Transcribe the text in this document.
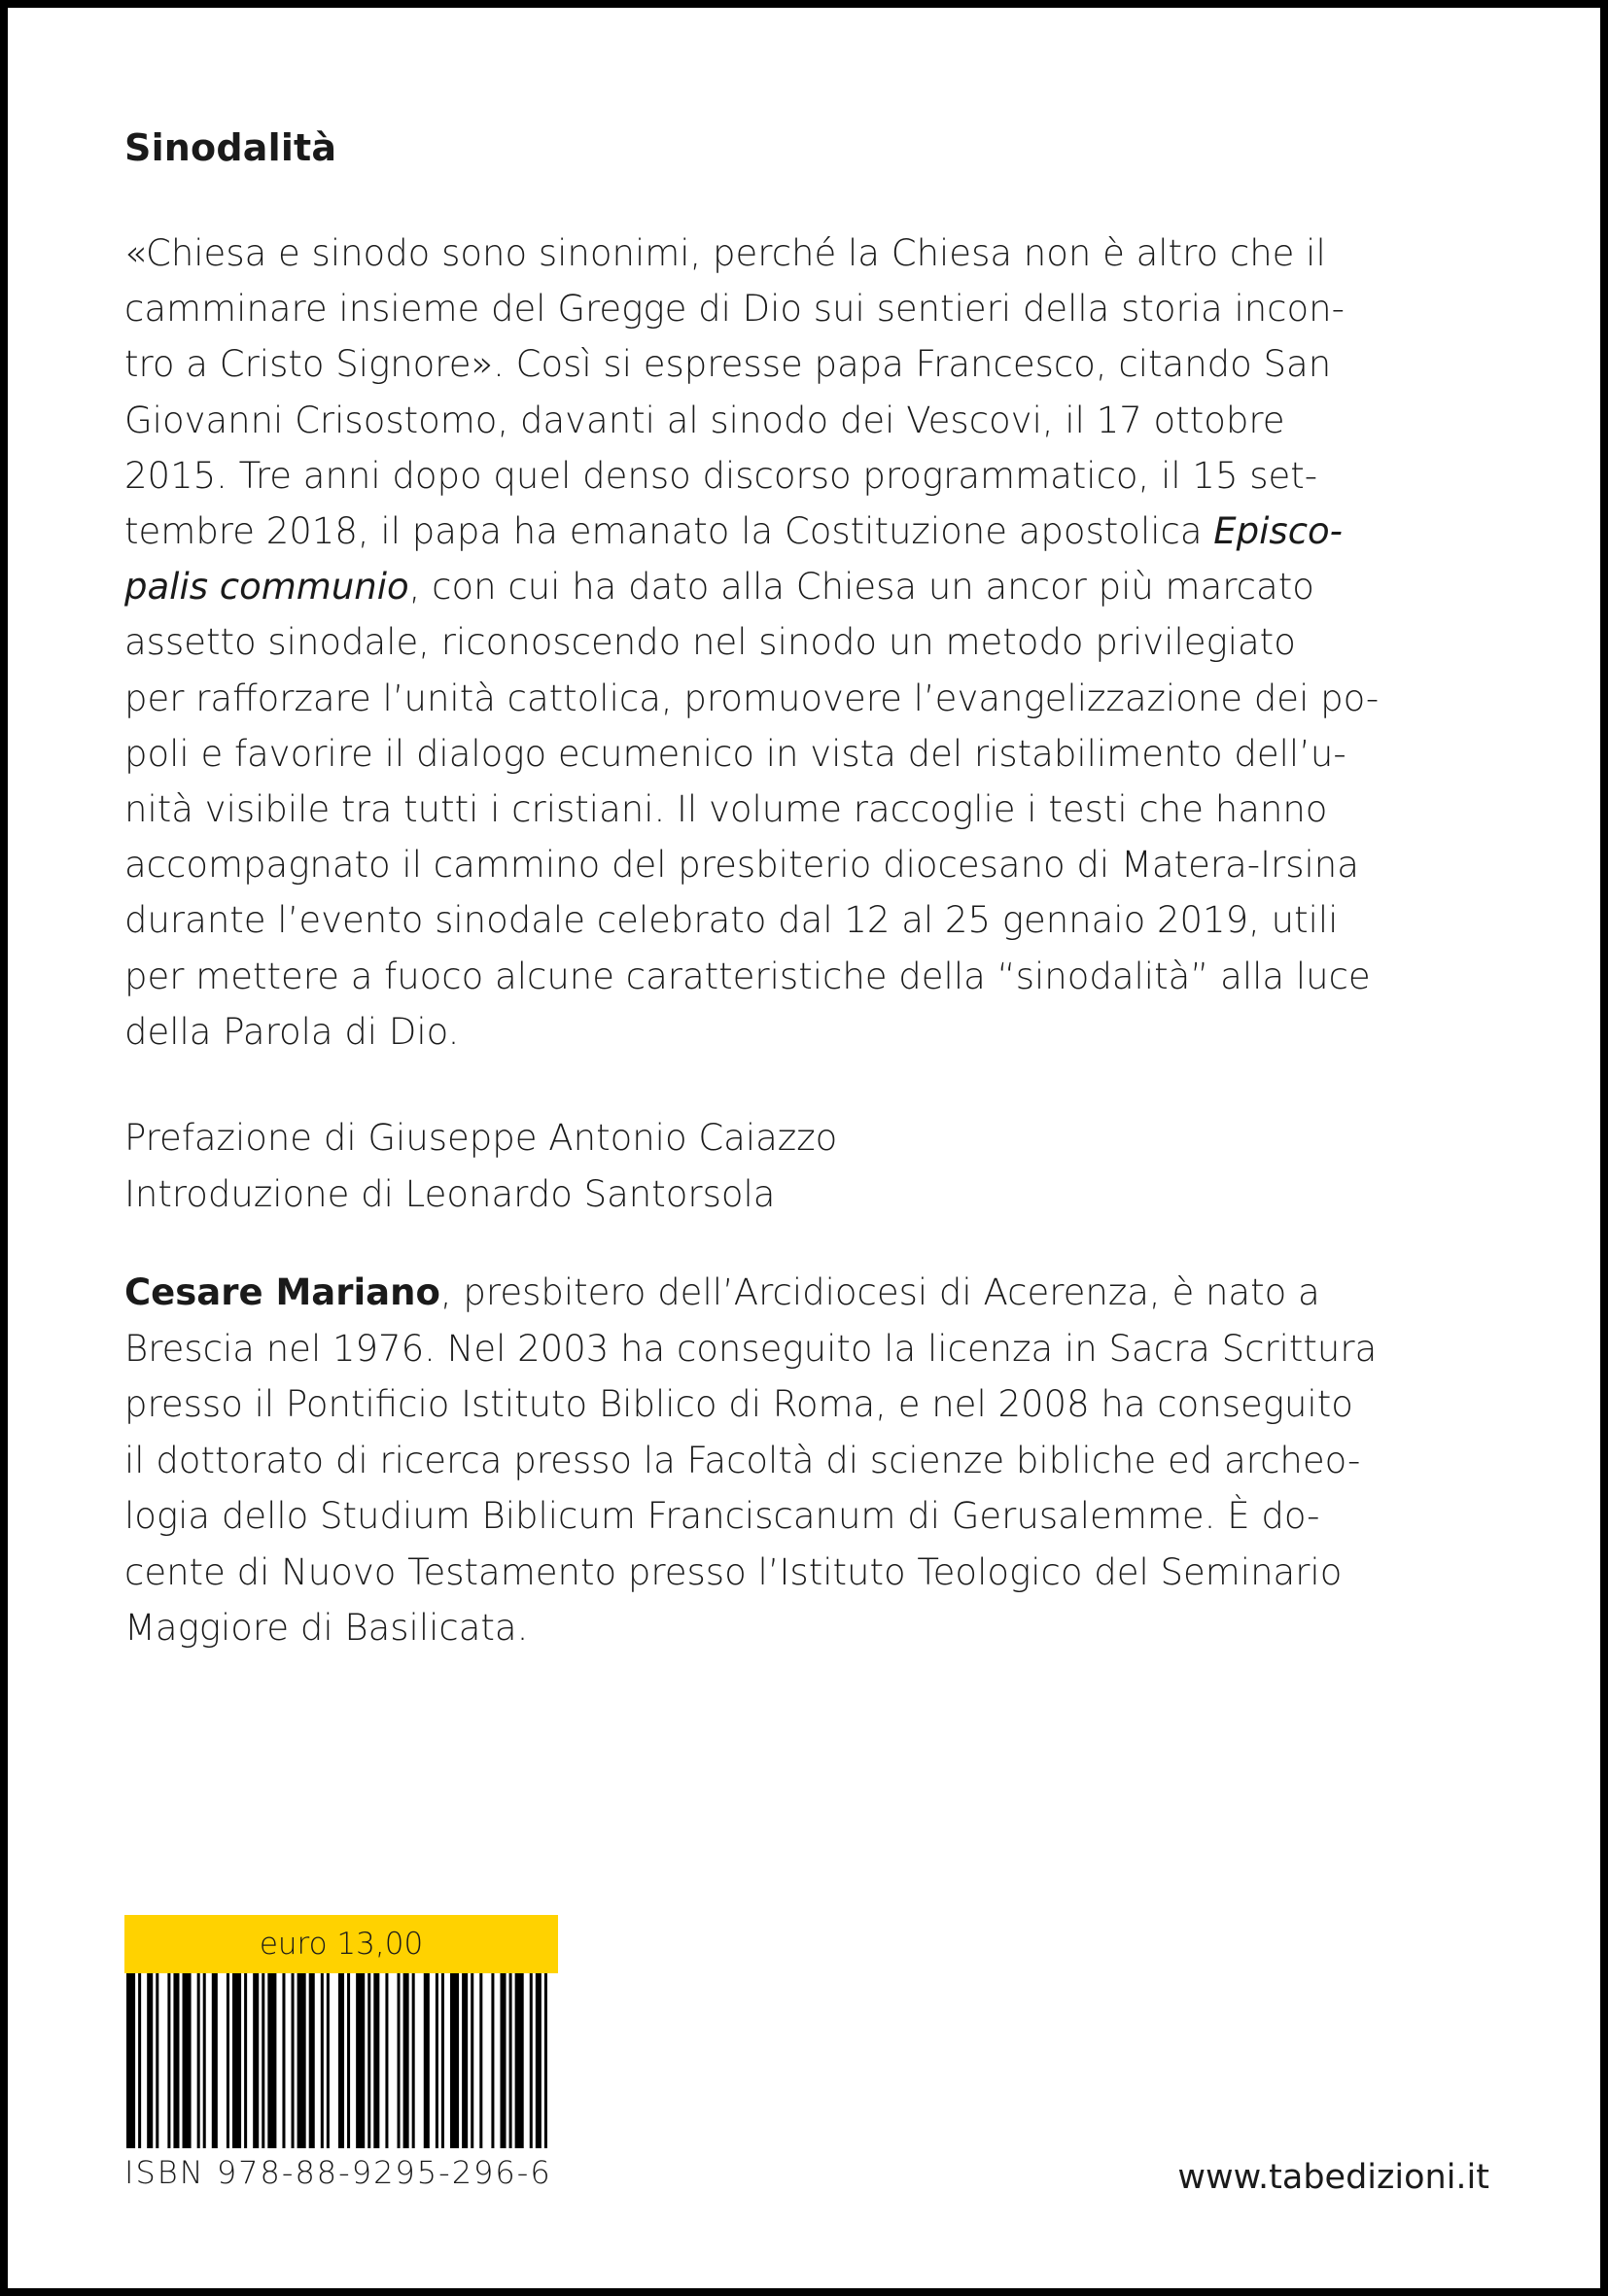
Sinodalità

«Chiesa e sinodo sono sinonimi, perché la Chiesa non è altro che il
camminare insieme del Gregge di Dio sui sentieri della storia incon-
tro a Cristo Signore». Così si espresse papa Francesco, citando San
Giovanni Crisostomo, davanti al sinodo dei Vescovi, il 17 ottobre
2015. Tre anni dopo quel denso discorso programmatico, il 15 set-
tembre 2018, il papa ha emanato la Costituzione apostolica Episco-
palis communio, con cui ha dato alla Chiesa un ancor più marcato
assetto sinodale, riconoscendo nel sinodo un metodo privilegiato
per rafforzare l’unità cattolica, promuovere l’evangelizzazione dei po-
poli e favorire il dialogo ecumenico in vista del ristabilimento dell’u-
nità visibile tra tutti i cristiani. Il volume raccoglie i testi che hanno
accompagnato il cammino del presbiterio diocesano di Matera-Irsina
durante l’evento sinodale celebrato dal 12 al 25 gennaio 2019, utili
per mettere a fuoco alcune caratteristiche della “sinodalità” alla luce
della Parola di Dio.

Prefazione di Giuseppe Antonio Caiazzo
Introduzione di Leonardo Santorsola

Cesare Mariano, presbitero dell’Arcidiocesi di Acerenza, è nato a
Brescia nel 1976. Nel 2003 ha conseguito la licenza in Sacra Scrittura
presso il Pontificio Istituto Biblico di Roma, e nel 2008 ha conseguito
il dottorato di ricerca presso la Facoltà di scienze bibliche ed archeo-
logia dello Studium Biblicum Franciscanum di Gerusalemme. È do-
cente di Nuovo Testamento presso l’Istituto Teologico del Seminario
Maggiore di Basilicata.

euro 13,00
ISBN 978-88-9295-296-6	www.tabedizioni.it
